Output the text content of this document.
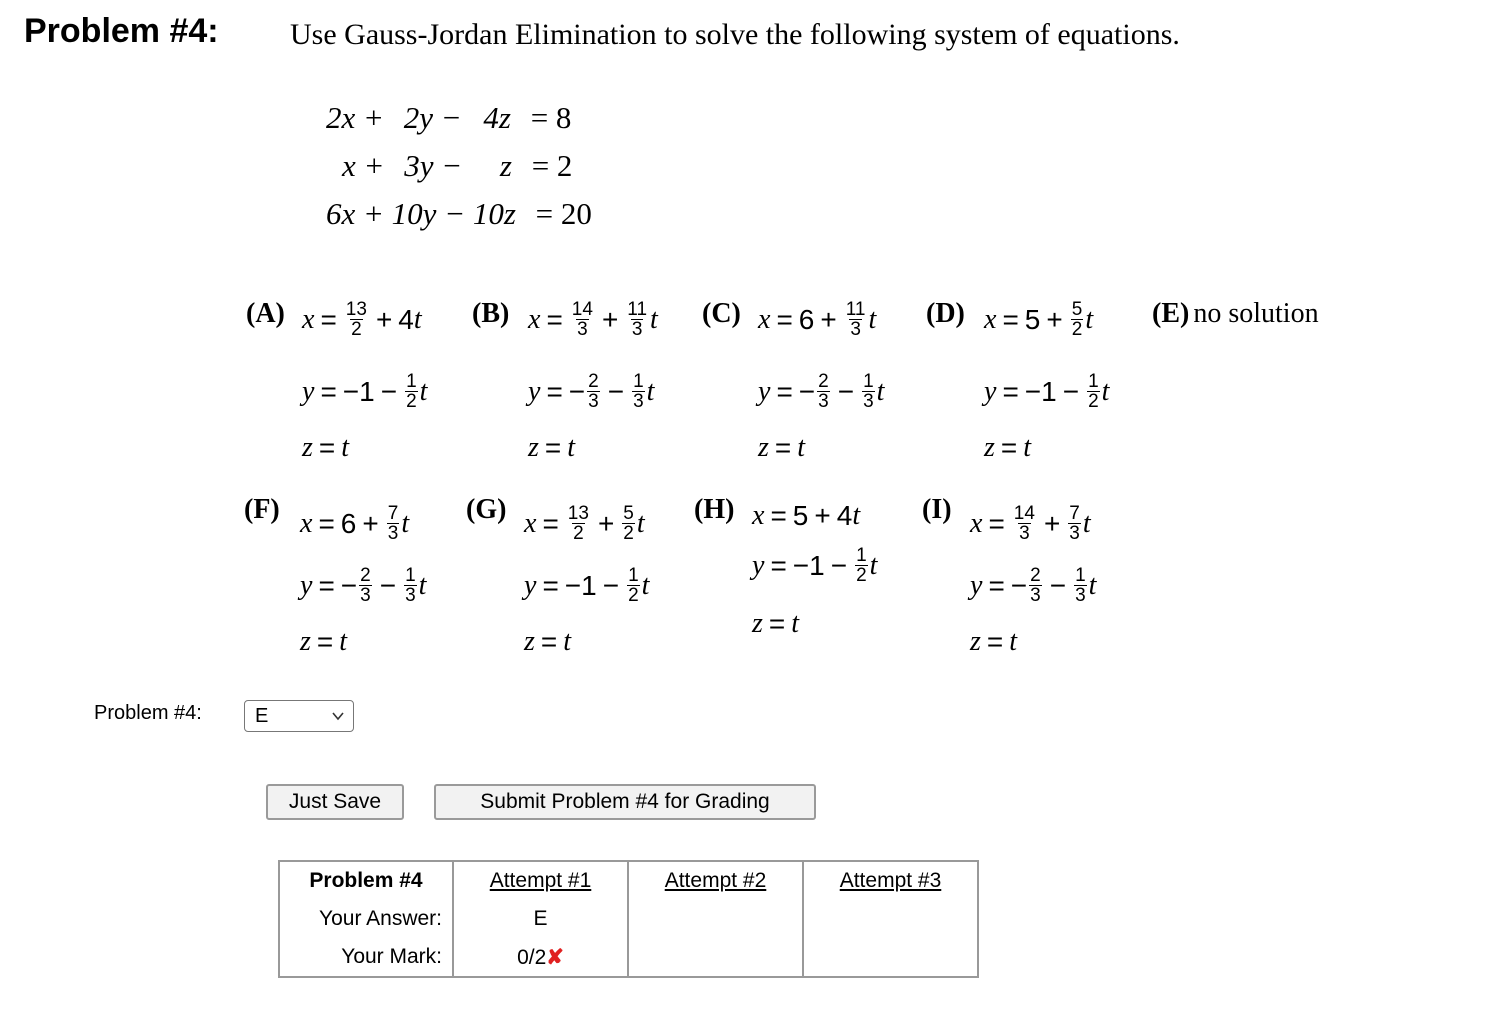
Problem #4: Use Gauss-Jordan Elimination to solve the following system of equations.
2x + 2y − 4z = 8
x + 3y − z = 2
6x + 10y − 10z = 20
(A) $x = \frac{13}{2} + 4$ t
$y = -1 - \frac{1}{2}$ t
z = t
(B) $x = \frac{14}{3} + \frac{11}{3}$ t
y = − $\frac{2}{3} - \frac{1}{3}$ t
z = t
(C) $x = 6 + \frac{11}{3}$ t
y = − $\frac{2}{3} - \frac{1}{3}$ t
z = t
(D) $x = 5 + \frac{5}{2}$ t
$y = -1 - \frac{1}{2}$ t
z = t
(E) no solution
(F) $x = 6 + \frac{7}{3}$ t
y = − $\frac{2}{3} - \frac{1}{3}$ t
z = t
(G) $x = \frac{13}{2} + \frac{5}{2}$ t
$y = -1 - \frac{1}{2}$ t
z = t
(H) x = 5 + 4 t
$y = -1 - \frac{1}{2}$ t
z = t
(I) $x = \frac{14}{3} + \frac{7}{3}$ t
y = − $\frac{2}{3} - \frac{1}{3}$ t
z = t
Problem #4:	E
Just Save	Submit Problem #4 for Grading
Problem #4	Attempt #1	Attempt #2	Attempt #3
Your Answer:	E		
Your Mark:	0/2✘		
